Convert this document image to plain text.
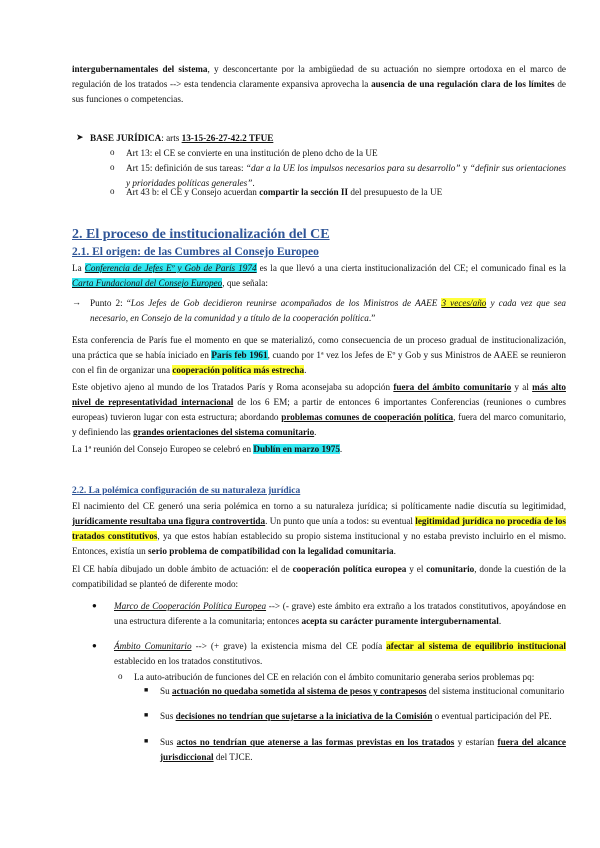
intergubernamentales del sistema, y desconcertante por la ambigüedad de su actuación no siempre ortodoxa en el marco de regulación de los tratados --> esta tendencia claramente expansiva aprovecha la ausencia de una regulación clara de los límites de sus funciones o competencias.

➤ BASE JURÍDICA: arts 13-15-26-27-42.2 TFUE

o Art 13: el CE se convierte en una institución de pleno dcho de la UE

o Art 15: definición de sus tareas: “dar a la UE los impulsos necesarios para su desarrollo” y “definir sus orientaciones y prioridades políticas generales”.

o Art 43 b: el CE y Consejo acuerdan compartir la sección II del presupuesto de la UE

2. El proceso de institucionalización del CE
2.1. El origen: de las Cumbres al Consejo Europeo

La Conferencia de Jefes Eº y Gob de París 1974 es la que llevó a una cierta institucionalización del CE; el comunicado final es la Carta Fundacional del Consejo Europeo, que señala:

→ Punto 2: “Los Jefes de Gob decidieron reunirse acompañados de los Ministros de AAEE 3 veces/año y cada vez que sea necesario, en Consejo de la comunidad y a título de la cooperación política.”

Esta conferencia de París fue el momento en que se materializó, como consecuencia de un proceso gradual de institucionalización, una práctica que se había iniciado en París feb 1961, cuando por 1ª vez los Jefes de Eº y Gob y sus Ministros de AAEE se reunieron con el fin de organizar una cooperación política más estrecha.

Este objetivo ajeno al mundo de los Tratados París y Roma aconsejaba su adopción fuera del ámbito comunitario y al más alto nivel de representatividad internacional de los 6 EM; a partir de entonces 6 importantes Conferencias (reuniones o cumbres europeas) tuvieron lugar con esta estructura; abordando problemas comunes de cooperación política, fuera del marco comunitario, y definiendo las grandes orientaciones del sistema comunitario.

La 1ª reunión del Consejo Europeo se celebró en Dublín en marzo 1975.

2.2. La polémica configuración de su naturaleza jurídica

El nacimiento del CE generó una seria polémica en torno a su naturaleza jurídica; si políticamente nadie discutía su legitimidad, jurídicamente resultaba una figura controvertida. Un punto que unía a todos: su eventual legitimidad jurídica no procedía de los tratados constitutivos, ya que estos habían establecido su propio sistema institucional y no estaba previsto incluirlo en el mismo. Entonces, existía un serio problema de compatibilidad con la legalidad comunitaria.

El CE había dibujado un doble ámbito de actuación: el de cooperación política europea y el comunitario, donde la cuestión de la compatibilidad se planteó de diferente modo:

● Marco de Cooperación Política Europea --> (- grave) este ámbito era extraño a los tratados constitutivos, apoyándose en una estructura diferente a la comunitaria; entonces acepta su carácter puramente intergubernamental.

● Ámbito Comunitario --> (+ grave) la existencia misma del CE podía afectar al sistema de equilibrio institucional establecido en los tratados constitutivos.

o La auto-atribución de funciones del CE en relación con el ámbito comunitario generaba serios problemas pq:

■ Su actuación no quedaba sometida al sistema de pesos y contrapesos del sistema institucional comunitario

■ Sus decisiones no tendrían que sujetarse a la iniciativa de la Comisión o eventual participación del PE.

■ Sus actos no tendrían que atenerse a las formas previstas en los tratados y estarían fuera del alcance jurisdiccional del TJCE.
